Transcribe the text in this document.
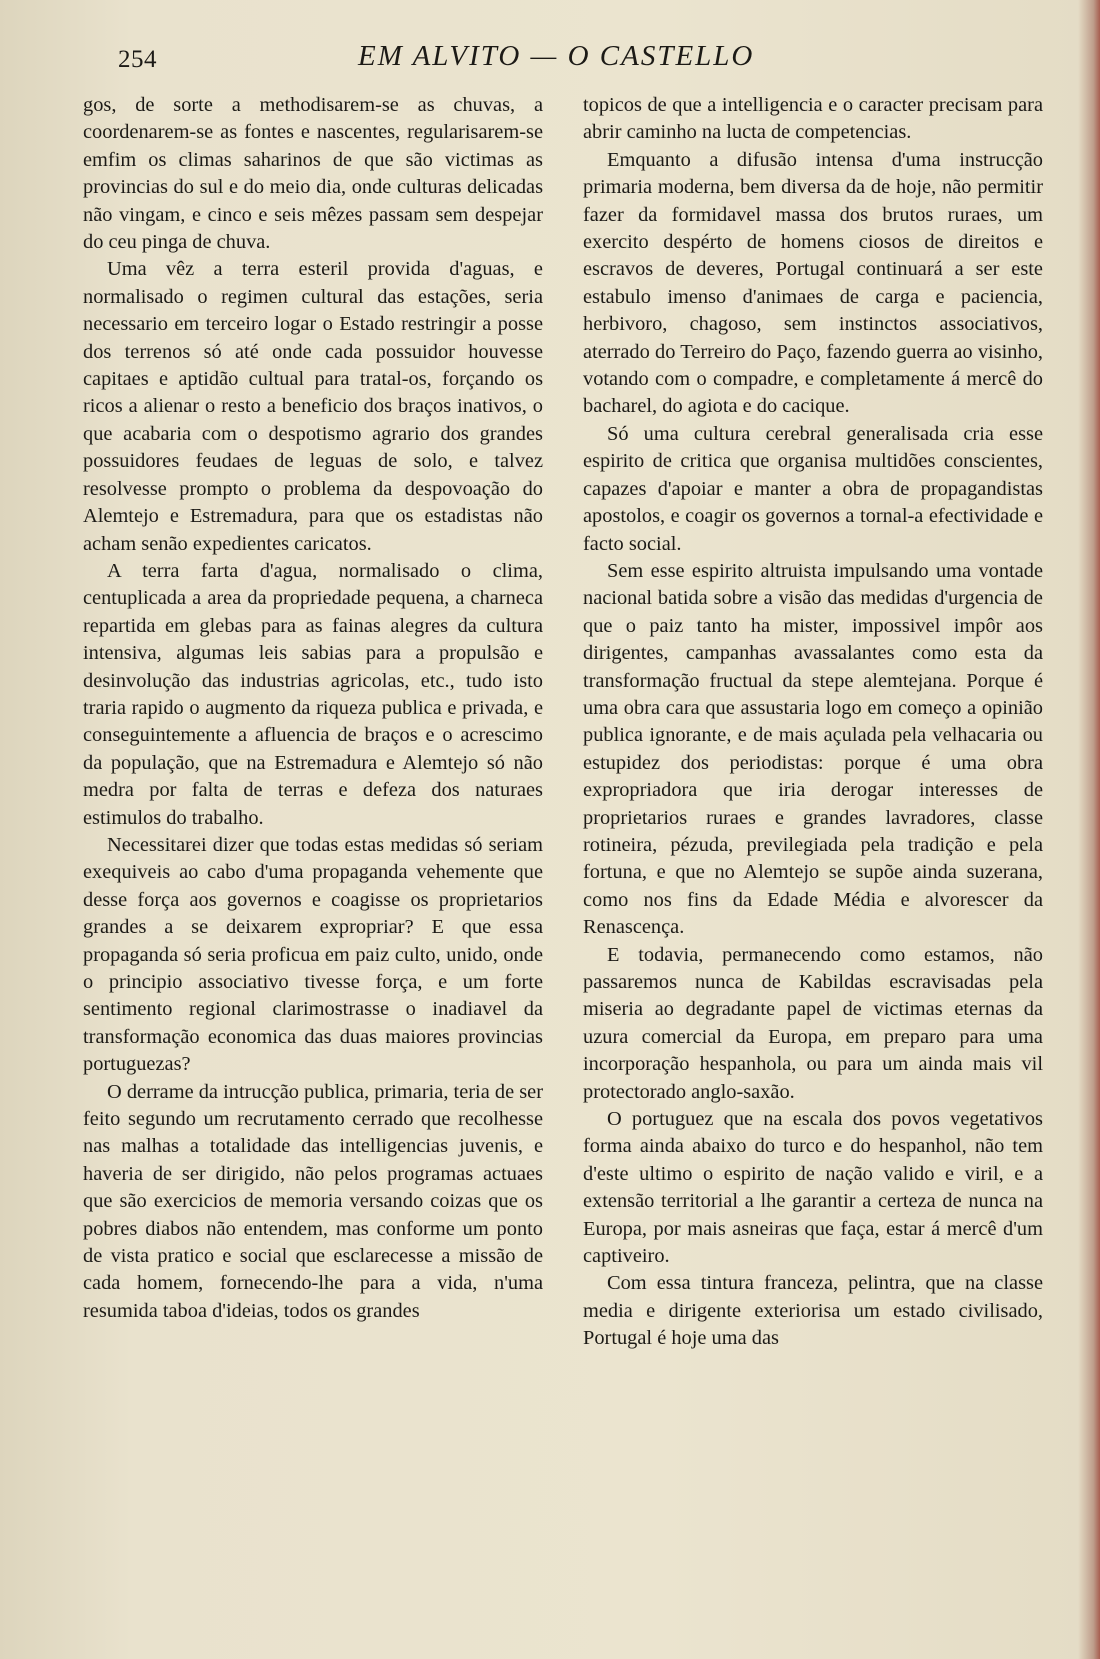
254	EM ALVITO — O CASTELLO

gos, de sorte a methodisarem-se as chuvas, a coordenarem-se as fontes e nascentes, regularisarem-se emfim os climas saharinos de que são victimas as provincias do sul e do meio dia, onde culturas delicadas não vingam, e cinco e seis mêzes passam sem despejar do ceu pinga de chuva.

Uma vêz a terra esteril provida d'aguas, e normalisado o regimen cultural das estações, seria necessario em terceiro logar o Estado restringir a posse dos terrenos só até onde cada possuidor houvesse capitaes e aptidão cultual para tratal-os, forçando os ricos a alienar o resto a beneficio dos braços inativos, o que acabaria com o despotismo agrario dos grandes possuidores feudaes de leguas de solo, e talvez resolvesse prompto o problema da despovoação do Alemtejo e Estremadura, para que os estadistas não acham senão expedientes caricatos.

A terra farta d'agua, normalisado o clima, centuplicada a area da propriedade pequena, a charneca repartida em glebas para as fainas alegres da cultura intensiva, algumas leis sabias para a propulsão e desinvolução das industrias agricolas, etc., tudo isto traria rapido o augmento da riqueza publica e privada, e conseguintemente a afluencia de braços e o acrescimo da população, que na Estremadura e Alemtejo só não medra por falta de terras e defeza dos naturaes estimulos do trabalho.

Necessitarei dizer que todas estas medidas só seriam exequiveis ao cabo d'uma propaganda vehemente que desse força aos governos e coagisse os proprietarios grandes a se deixarem expropriar? E que essa propaganda só seria proficua em paiz culto, unido, onde o principio associativo tivesse força, e um forte sentimento regional clarimostrasse o inadiavel da transformação economica das duas maiores provincias portuguezas?

O derrame da intrucção publica, primaria, teria de ser feito segundo um recrutamento cerrado que recolhesse nas malhas a totalidade das intelligencias juvenis, e haveria de ser dirigido, não pelos programas actuaes que são exercicios de memoria versando coizas que os pobres diabos não entendem, mas conforme um ponto de vista pratico e social que esclarecesse a missão de cada homem, fornecendo-lhe para a vida, n'uma resumida taboa d'ideias, todos os grandes

topicos de que a intelligencia e o caracter precisam para abrir caminho na lucta de competencias.

Emquanto a difusão intensa d'uma instrucção primaria moderna, bem diversa da de hoje, não permitir fazer da formidavel massa dos brutos ruraes, um exercito despérto de homens ciosos de direitos e escravos de deveres, Portugal continuará a ser este estabulo imenso d'animaes de carga e paciencia, herbivoro, chagoso, sem instinctos associativos, aterrado do Terreiro do Paço, fazendo guerra ao visinho, votando com o compadre, e completamente á mercê do bacharel, do agiota e do cacique.

Só uma cultura cerebral generalisada cria esse espirito de critica que organisa multidões conscientes, capazes d'apoiar e manter a obra de propagandistas apostolos, e coagir os governos a tornal-a efectividade e facto social.

Sem esse espirito altruista impulsando uma vontade nacional batida sobre a visão das medidas d'urgencia de que o paiz tanto ha mister, impossivel impôr aos dirigentes, campanhas avassalantes como esta da transformação fructual da stepe alemtejana. Porque é uma obra cara que assustaria logo em começo a opinião publica ignorante, e de mais açulada pela velhacaria ou estupidez dos periodistas: porque é uma obra expropriadora que iria derogar interesses de proprietarios ruraes e grandes lavradores, classe rotineira, pézuda, previlegiada pela tradição e pela fortuna, e que no Alemtejo se supõe ainda suzerana, como nos fins da Edade Média e alvorescer da Renascença.

E todavia, permanecendo como estamos, não passaremos nunca de Kabildas escravisadas pela miseria ao degradante papel de victimas eternas da uzura comercial da Europa, em preparo para uma incorporação hespanhola, ou para um ainda mais vil protectorado anglo-saxão.

O portuguez que na escala dos povos vegetativos forma ainda abaixo do turco e do hespanhol, não tem d'este ultimo o espirito de nação valido e viril, e a extensão territorial a lhe garantir a certeza de nunca na Europa, por mais asneiras que faça, estar á mercê d'um captiveiro.

Com essa tintura franceza, pelintra, que na classe media e dirigente exteriorisa um estado civilisado, Portugal é hoje uma das
